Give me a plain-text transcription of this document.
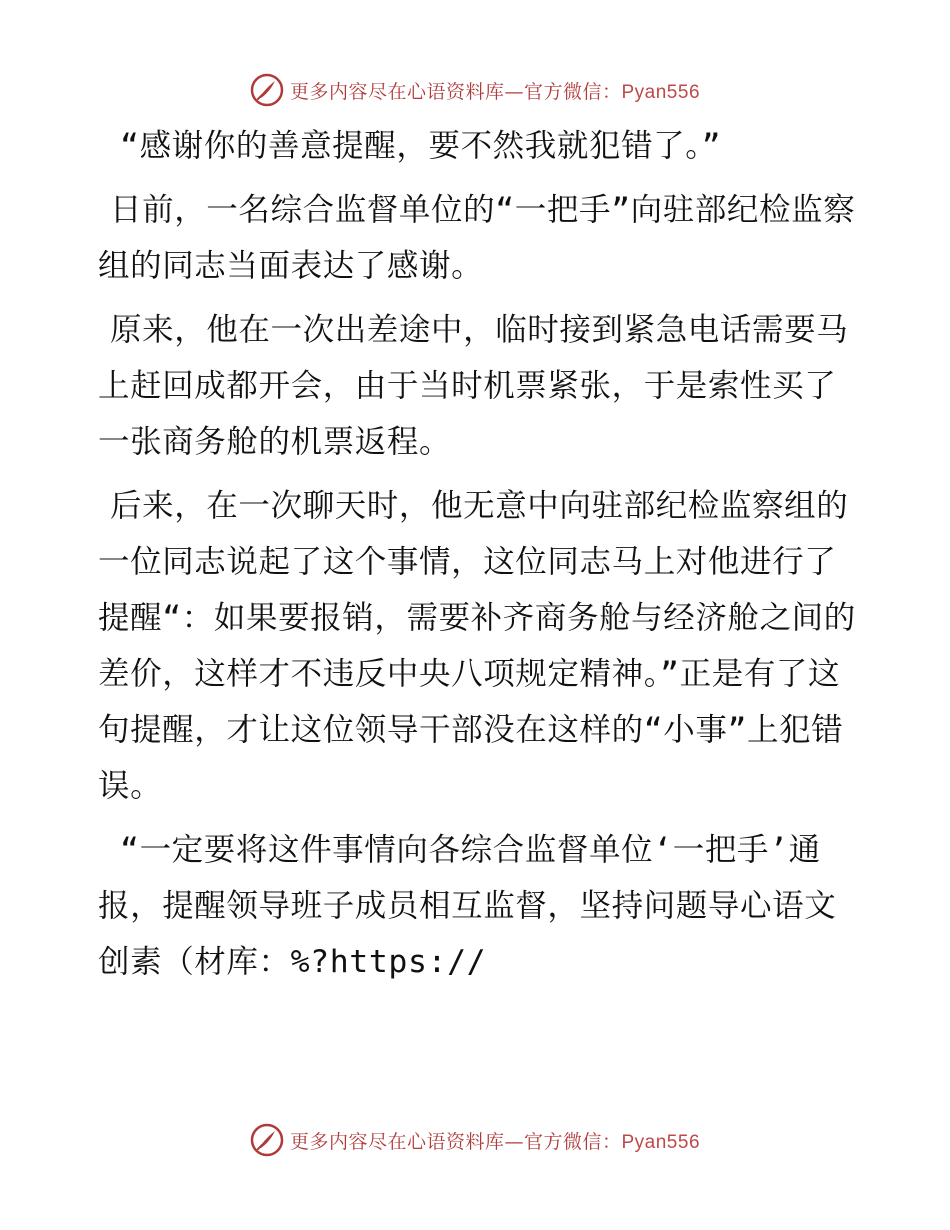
更多内容尽在心语资料库—官方微信：Pyan556

“感谢你的善意提醒，要不然我就犯错了。”

日前，一名综合监督单位的“一把手”向驻部纪检监察组的同志当面表达了感谢。

原来，他在一次出差途中，临时接到紧急电话需要马上赶回成都开会，由于当时机票紧张，于是索性买了一张商务舱的机票返程。

后来，在一次聊天时，他无意中向驻部纪检监察组的一位同志说起了这个事情，这位同志马上对他进行了提醒“：如果要报销，需要补齐商务舱与经济舱之间的差价，这样才不违反中央八项规定精神。”正是有了这句提醒，才让这位领导干部没在这样的“小事”上犯错误。

“一定要将这件事情向各综合监督单位‘一把手’通报，提醒领导班子成员相互监督，坚持问题导心语文创素（材库：%?https://

更多内容尽在心语资料库—官方微信：Pyan556
